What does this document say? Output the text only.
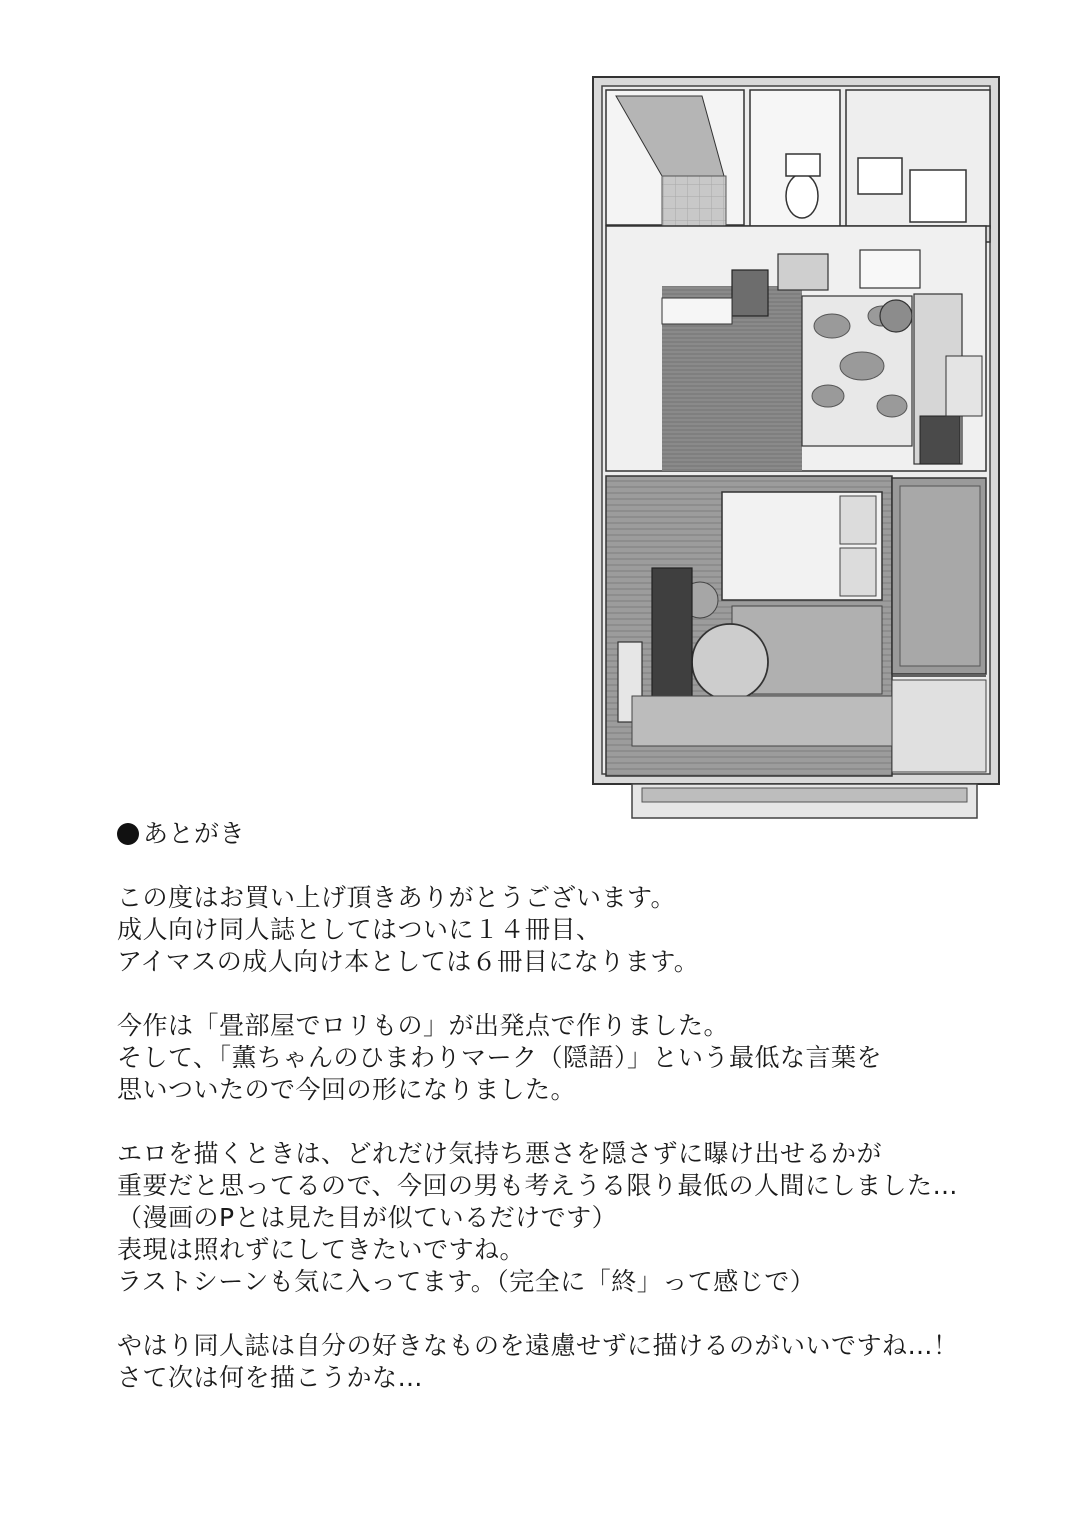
あとがき
この度はお買い上げ頂きありがとうございます。
成人向け同人誌としてはついに１４冊目、
アイマスの成人向け本としては６冊目になります。
今作は「畳部屋でロリもの」が出発点で作りました。
そして、「薫ちゃんのひまわりマーク（隠語）」という最低な言葉を
思いついたので今回の形になりました。
エロを描くときは、どれだけ気持ち悪さを隠さずに曝け出せるかが
重要だと思ってるので、今回の男も考えうる限り最低の人間にしました…
（漫画のPとは見た目が似ているだけです）
表現は照れずにしてきたいですね。
ラストシーンも気に入ってます。（完全に「終」って感じで）
やはり同人誌は自分の好きなものを遠慮せずに描けるのがいいですね…！
さて次は何を描こうかな…
